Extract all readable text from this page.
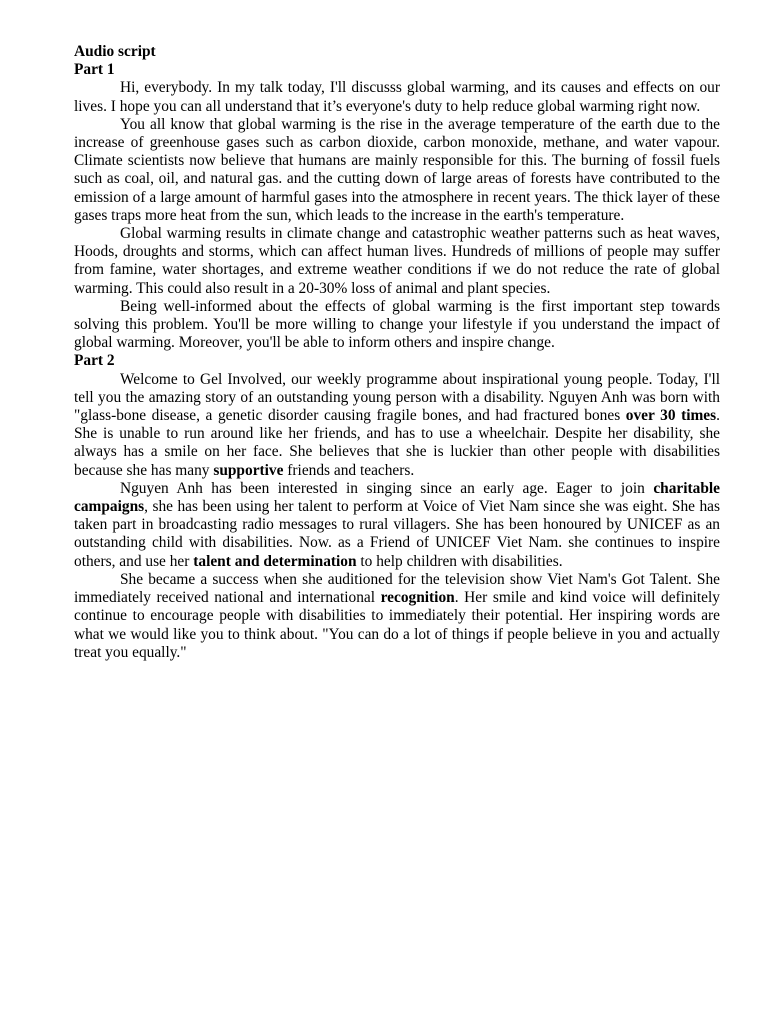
Audio script
Part 1

Hi, everybody. In my talk today, I'll discusss global warming, and its causes and effects on our lives. I hope you can all understand that it’s everyone's duty to help reduce global warming right now.

You all know that global warming is the rise in the average temperature of the earth due to the increase of greenhouse gases such as carbon dioxide, carbon monoxide, methane, and water vapour. Climate scientists now believe that humans are mainly responsible for this. The burning of fossil fuels such as coal, oil, and natural gas. and the cutting down of large areas of forests have contributed to the emission of a large amount of harmful gases into the atmosphere in recent years. The thick layer of these gases traps more heat from the sun, which leads to the increase in the earth's temperature.

Global warming results in climate change and catastrophic weather patterns such as heat waves, Hoods, droughts and storms, which can affect human lives. Hundreds of millions of people may suffer from famine, water shortages, and extreme weather conditions if we do not reduce the rate of global warming. This could also result in a 20-30% loss of animal and plant species.

Being well-informed about the effects of global warming is the first important step towards solving this problem. You'll be more willing to change your lifestyle if you understand the impact of global warming. Moreover, you'll be able to inform others and inspire change.

Part 2

Welcome to Gel Involved, our weekly programme about inspirational young people. Today, I'll tell you the amazing story of an outstanding young person with a disability. Nguyen Anh was born with "glass-bone disease, a genetic disorder causing fragile bones, and had fractured bones over 30 times. She is unable to run around like her friends, and has to use a wheelchair. Despite her disability, she always has a smile on her face. She believes that she is luckier than other people with disabilities because she has many supportive friends and teachers.

Nguyen Anh has been interested in singing since an early age. Eager to join charitable campaigns, she has been using her talent to perform at Voice of Viet Nam since she was eight. She has taken part in broadcasting radio messages to rural villagers. She has been honoured by UNICEF as an outstanding child with disabilities. Now. as a Friend of UNICEF Viet Nam. she continues to inspire others, and use her talent and determination to help children with disabilities.

She became a success when she auditioned for the television show Viet Nam's Got Talent. She immediately received national and international recognition. Her smile and kind voice will definitely continue to encourage people with disabilities to immediately their potential. Her inspiring words are what we would like you to think about. "You can do a lot of things if people believe in you and actually treat you equally."
